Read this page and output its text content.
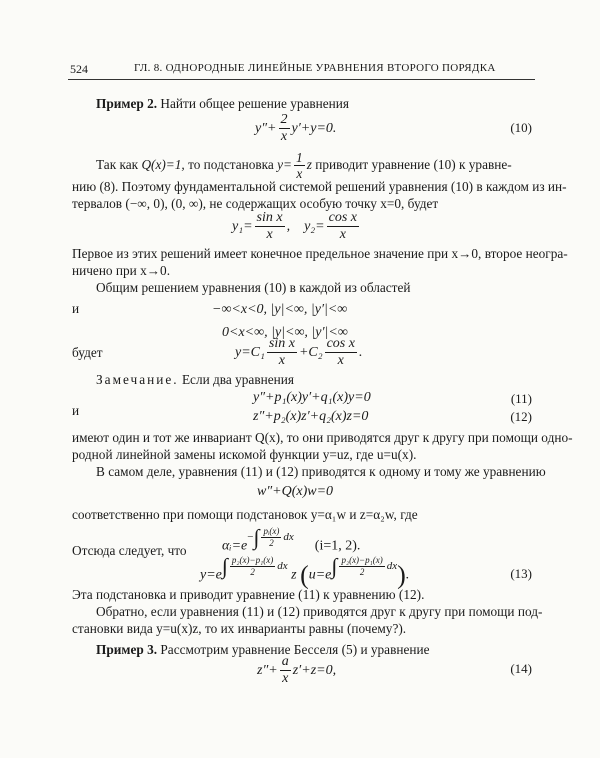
524	ГЛ. 8. ОДНОРОДНЫЕ ЛИНЕЙНЫЕ УРАВНЕНИЯ ВТОРОГО ПОРЯДКА
Пример 2. Найти общее решение уравнения
$y''+ \frac{2}{x} y'+y=0$.	(10)
Так как Q(x)=1, то подстановка $y= \frac{1}{x}$ z приводит уравнение (10) к уравне-
нию (8). Поэтому фундаментальной системой решений уравнения (10) в каждом из ин-
тервалов (−∞, 0), (0, ∞), не содержащих особую точку x=0, будет
$y_1= \frac{\text{sin x}}{x}$ , $y_2= \frac{\text{cos x}}{x}$
Первое из этих решений имеет конечное предельное значение при x→0, второе неогра-
ничено при x→0.
Общим решением уравнения (10) в каждой из областей
−∞<x<0, |y|<∞, |y′|<∞
и
0<x<∞, |y|<∞, |y′|<∞
будет	$y=C_1 \frac{\text{sin x}}{x} +C_2 \frac{\text{cos x}}{x}$ .
Замечание. Если два уравнения
y″+p₁(x)y′+q₁(x)y=0	(11)
и	z″+p₂(x)z′+q₂(x)z=0	(12)
имеют один и тот же инвариант Q(x), то они приводятся друг к другу при помощи одно-
родной линейной замены искомой функции y=uz, где u=u(x).
В самом деле, уравнения (11) и (12) приводятся к одному и тому же уравнению
w″+Q(x)w=0
соответственно при помощи подстановок y=α₁w и z=α₂w, где
$\alpha ᵢ=e^{-\int \frac{\text{pᵢ(x)}}{2} dx}$      (i=1, 2).
Отсюда следует, что
$y=e^{\int \frac{\text{p₂(x)−p₁(x)}}{2} dx}$ z $(u=e^{\int \frac{\text{p₂(x)−p₁(x)}}{2} dx})$.	(13)
Эта подстановка и приводит уравнение (11) к уравнению (12).
Обратно, если уравнения (11) и (12) приводятся друг к другу при помощи под-
становки вида y=u(x)z, то их инварианты равны (почему?).
Пример 3. Рассмотрим уравнение Бесселя (5) и уравнение
$z''+ \frac{a}{x} z'+z=0$,	(14)
